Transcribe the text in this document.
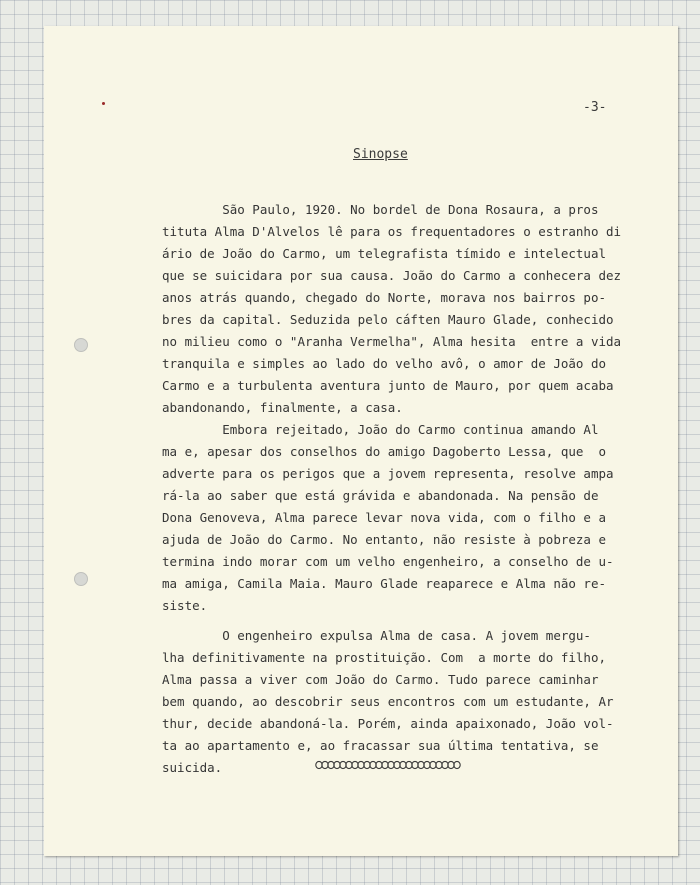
-3-
Sinopse
São Paulo, 1920. No bordel de Dona Rosaura, a pros
tituta Alma D'Alvelos lê para os frequentadores o estranho di
ário de João do Carmo, um telegrafista tímido e intelectual
que se suicidara por sua causa. João do Carmo a conhecera dez
anos atrás quando, chegado do Norte, morava nos bairros po-
bres da capital. Seduzida pelo cáften Mauro Glade, conhecido
no milieu como o "Aranha Vermelha", Alma hesita  entre a vida
tranquila e simples ao lado do velho avô, o amor de João do
Carmo e a turbulenta aventura junto de Mauro, por quem acaba
abandonando, finalmente, a casa.
Embora rejeitado, João do Carmo continua amando Al
ma e, apesar dos conselhos do amigo Dagoberto Lessa, que  o
adverte para os perigos que a jovem representa, resolve ampa
rá-la ao saber que está grávida e abandonada. Na pensão de
Dona Genoveva, Alma parece levar nova vida, com o filho e a
ajuda de João do Carmo. No entanto, não resiste à pobreza e
termina indo morar com um velho engenheiro, a conselho de u-
ma amiga, Camila Maia. Mauro Glade reaparece e Alma não re-
siste.
O engenheiro expulsa Alma de casa. A jovem mergu-
lha definitivamente na prostituição. Com  a morte do filho,
Alma passa a viver com João do Carmo. Tudo parece caminhar
bem quando, ao descobrir seus encontros com um estudante, Ar
thur, decide abandoná-la. Porém, ainda apaixonado, João vol-
ta ao apartamento e, ao fracassar sua última tentativa, se
suicida.
